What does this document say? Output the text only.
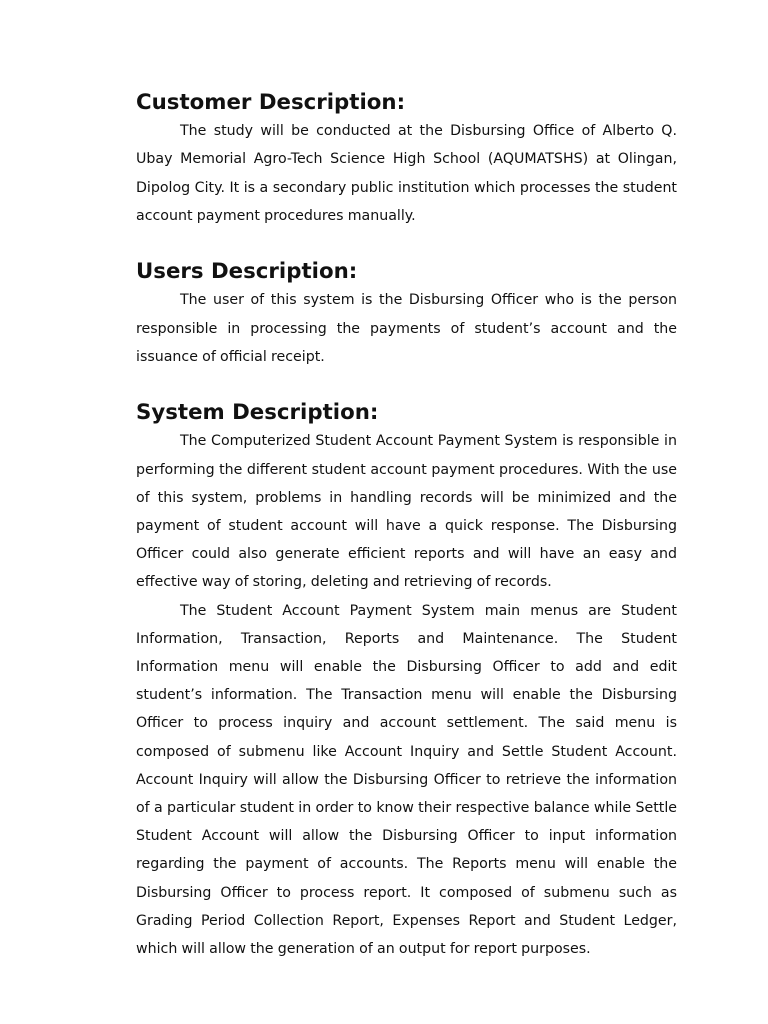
Customer Description:

The study will be conducted at the Disbursing Office of Alberto Q. Ubay Memorial Agro-Tech Science High School (AQUMATSHS) at Olingan, Dipolog City. It is a secondary public institution which processes the student account payment procedures manually.

Users Description:

The user of this system is the Disbursing Officer who is the person responsible in processing the payments of student’s account and the issuance of official receipt.

System Description:

The Computerized Student Account Payment System is responsible in performing the different student account payment procedures. With the use of this system, problems in handling records will be minimized and the payment of student account will have a quick response. The Disbursing Officer could also generate efficient reports and will have an easy and effective way of storing, deleting and retrieving of records.

The Student Account Payment System main menus are Student Information, Transaction, Reports and Maintenance. The Student Information menu will enable the Disbursing Officer to add and edit student’s information. The Transaction menu will enable the Disbursing Officer to process inquiry and account settlement. The said menu is composed of submenu like Account Inquiry and Settle Student Account. Account Inquiry will allow the Disbursing Officer to retrieve the information of a particular student in order to know their respective balance while Settle Student Account will allow the Disbursing Officer to input information regarding the payment of accounts. The Reports menu will enable the Disbursing Officer to process report. It composed of submenu such as Grading Period Collection Report, Expenses Report and Student Ledger, which will allow the generation of an output for report purposes.
